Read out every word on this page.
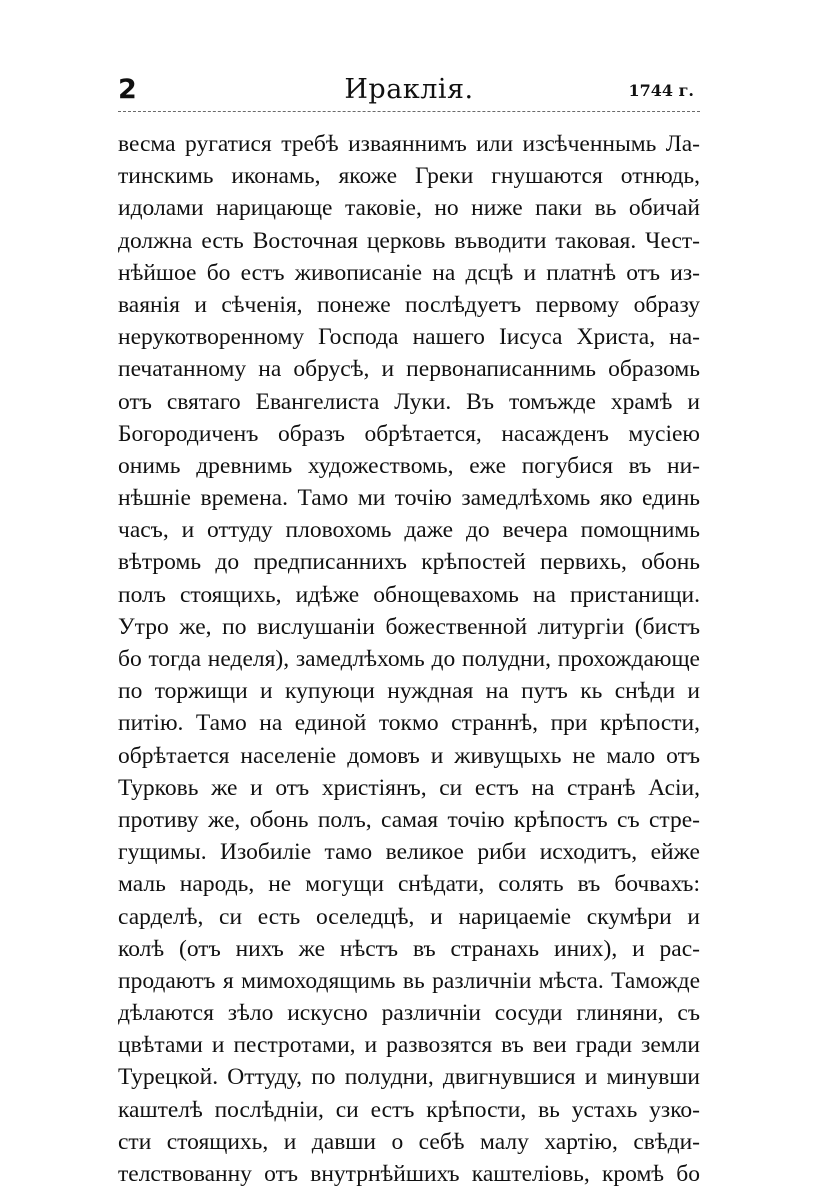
Ираклія.
2	1744 г.
весма ругатися требѣ изваяннимъ или изсѣченнымь Ла-
тинскимь иконамь, якоже Греки гнушаются отнюдь,
идолами нарицающе таковіе, но ниже паки вь обичай
должна есть Восточная церковь въводити таковая. Чест-
нѣйшое бо естъ живописаніе на дсцѣ и платнѣ отъ из-
ваянія и сѣченія, понеже послѣдуетъ первому образу
нерукотворенному Господа нашего Іисуса Христа, на-
печатанному на обрусѣ, и первонаписаннимь образомь
отъ святаго Евангелиста Луки. Въ томъжде храмѣ и
Богородиченъ образъ обрѣтается, насажденъ мусіею
онимь древнимь художествомь, еже погубися въ ни-
нѣшніе времена. Тамо ми точію замедлѣхомь яко единь
часъ, и оттуду пловохомь даже до вечера помощнимь
вѣтромь до предписаннихъ крѣпостей первихь, обонь
полъ стоящихь, идѣже обнощевахомь на пристанищи.
Утро же, по вислушаніи божественной литургіи (бистъ
бо тогда неделя), замедлѣхомь до полудни, прохождающе
по торжищи и купуюци нуждная на путъ кь снѣди и
питію. Тамо на единой токмо страннѣ, при крѣпости,
обрѣтается населеніе домовъ и живущыхь не мало отъ
Турковь же и отъ христіянъ, си естъ на странѣ Асіи,
противу же, обонь полъ, самая точію крѣпостъ съ стре-
гущимы. Изобиліе тамо великое риби исходитъ, ейже
маль народь, не могущи снѣдати, солять въ бочвахъ:
сарделѣ, си есть оселедцѣ, и нарицаеміе скумѣри и
колѣ (отъ нихъ же нѣстъ въ странахь иних), и рас-
продаютъ я мимоходящимь вь различніи мѣста. Таможде
дѣлаются зѣло искусно различніи сосуди глиняни, съ
цвѣтами и пестротами, и развозятся въ веи гради земли
Турецкой. Оттуду, по полудни, двигнувшися и минувши
каштелѣ послѣдніи, си естъ крѣпости, вь устахь узко-
сти стоящихь, и давши о себѣ малу хартію, свѣди-
телствованну отъ внутрнѣйшихъ каштеліовь, кромѣ бо
